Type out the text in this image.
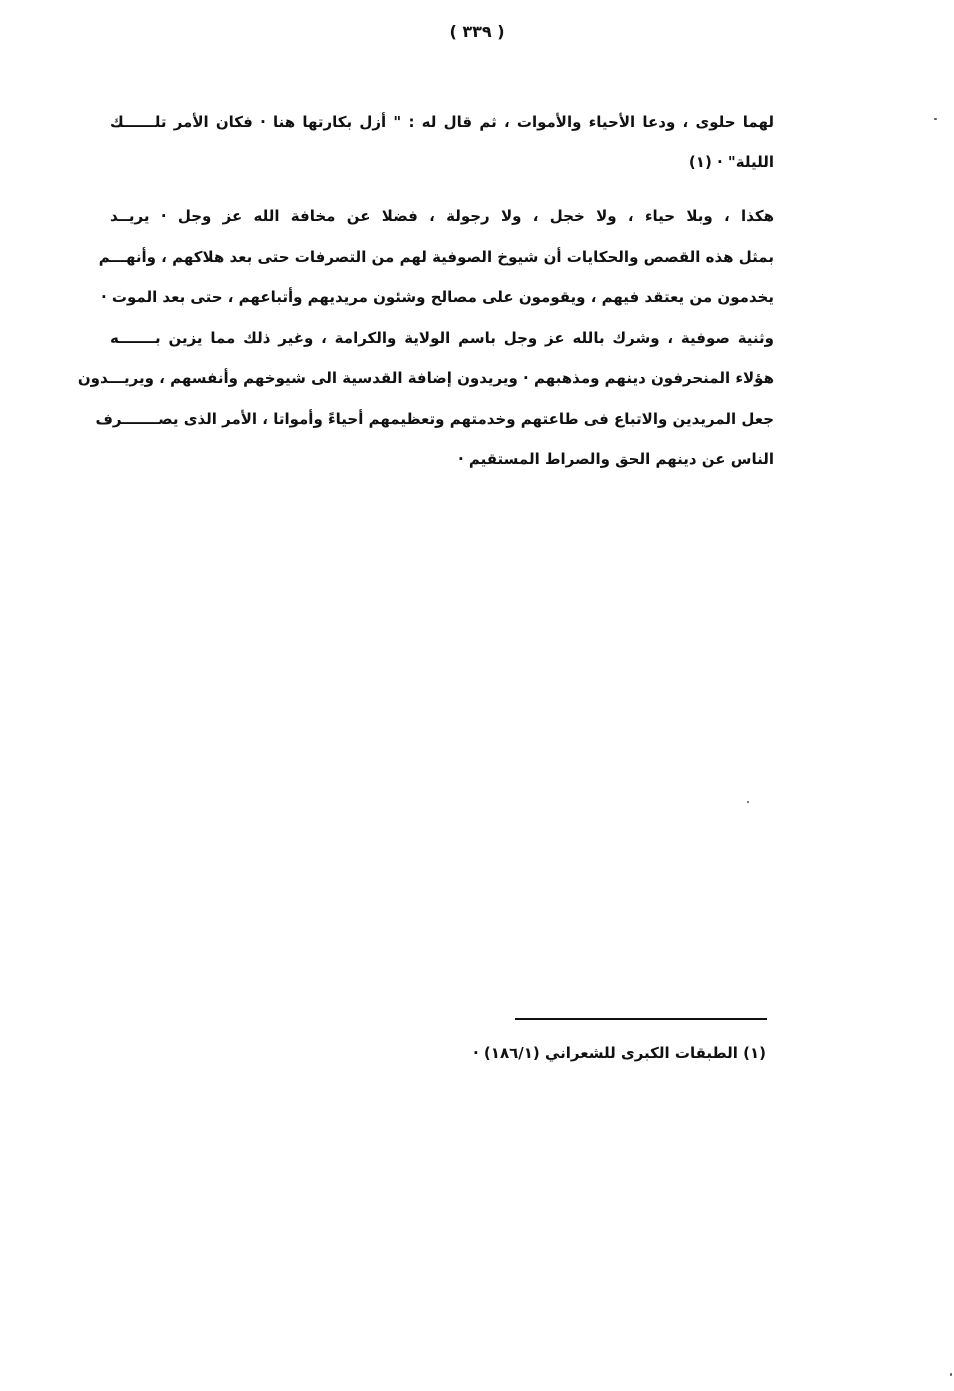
( ٣٣٩ )
لهما حلوى ، ودعا الأحياء والأموات ، ثم قال له : " أزل بكارتها هنا · فكان الأمر تلــــــك
الليلة" · (١)
هكذا ، وبلا حياء ، ولا خجل ، ولا رجولة ، فضلا عن مخافة الله عز وجل · يريــد
بمثل هذه القصص والحكايات أن شيوخ الصوفية لهم من التصرفات حتى بعد هلاكهم ، وأنهـــم
يخدمون من يعتقد فيهم ، ويقومون على مصالح وشئون مريديهم وأتباعهم ، حتى بعد الموت ·
وثنية صوفية ، وشرك بالله عز وجل باسم الولاية والكرامة ، وغير ذلك مما يزين بـــــــه
هؤلاء المنحرفون دينهم ومذهبهم · ويريدون إضافة القدسية الى شيوخهم وأنفسهم ، ويريـــدون
جعل المريدين والاتباع فى طاعتهم وخدمتهم وتعظيمهم أحياءً وأمواتا ، الأمر الذى يصـــــــرف
الناس عن دينهم الحق والصراط المستقيم ·
(١) الطبقات الكبرى للشعراني (١٨٦/١) ·
